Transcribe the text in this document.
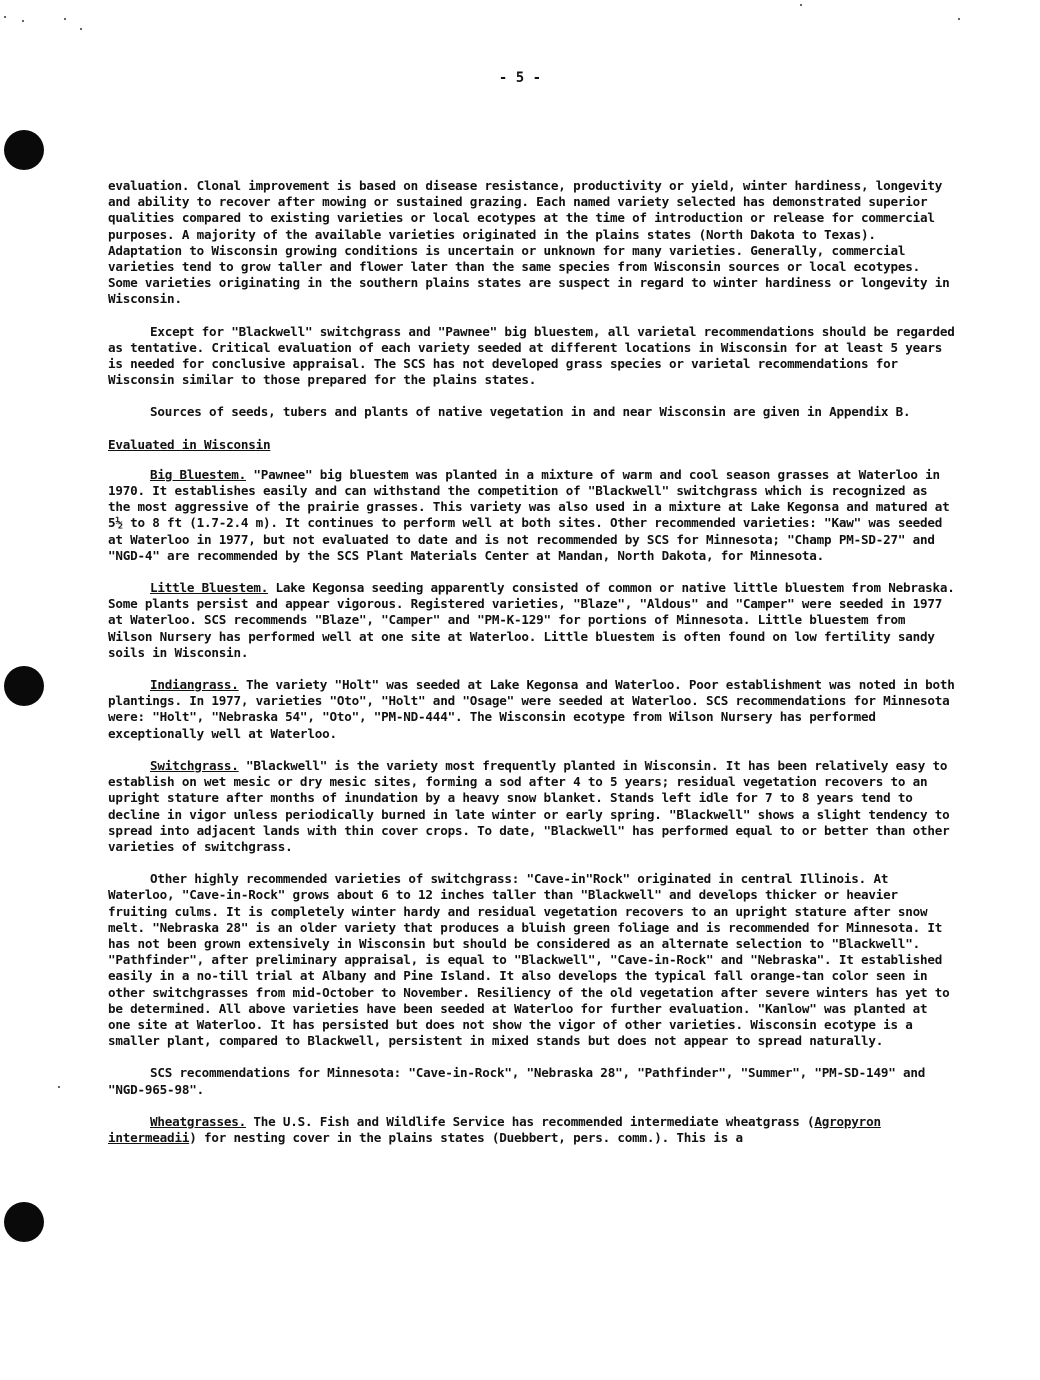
- 5 -

evaluation. Clonal improvement is based on disease resistance, productivity or yield, winter hardiness, longevity and ability to recover after mowing or sustained grazing. Each named variety selected has demonstrated superior qualities compared to existing varieties or local ecotypes at the time of introduction or release for commercial purposes. A majority of the available varieties originated in the plains states (North Dakota to Texas). Adaptation to Wisconsin growing conditions is uncertain or unknown for many varieties. Generally, commercial varieties tend to grow taller and flower later than the same species from Wisconsin sources or local ecotypes. Some varieties originating in the southern plains states are suspect in regard to winter hardiness or longevity in Wisconsin.

Except for "Blackwell" switchgrass and "Pawnee" big bluestem, all varietal recommendations should be regarded as tentative. Critical evaluation of each variety seeded at different locations in Wisconsin for at least 5 years is needed for conclusive appraisal. The SCS has not developed grass species or varietal recommendations for Wisconsin similar to those prepared for the plains states.

Sources of seeds, tubers and plants of native vegetation in and near Wisconsin are given in Appendix B.

Evaluated in Wisconsin

Big Bluestem. "Pawnee" big bluestem was planted in a mixture of warm and cool season grasses at Waterloo in 1970. It establishes easily and can withstand the competition of "Blackwell" switchgrass which is recognized as the most aggressive of the prairie grasses. This variety was also used in a mixture at Lake Kegonsa and matured at 5½ to 8 ft (1.7-2.4 m). It continues to perform well at both sites. Other recommended varieties: "Kaw" was seeded at Waterloo in 1977, but not evaluated to date and is not recommended by SCS for Minnesota; "Champ PM-SD-27" and "NGD-4" are recommended by the SCS Plant Materials Center at Mandan, North Dakota, for Minnesota.

Little Bluestem. Lake Kegonsa seeding apparently consisted of common or native little bluestem from Nebraska. Some plants persist and appear vigorous. Registered varieties, "Blaze", "Aldous" and "Camper" were seeded in 1977 at Waterloo. SCS recommends "Blaze", "Camper" and "PM-K-129" for portions of Minnesota. Little bluestem from Wilson Nursery has performed well at one site at Waterloo. Little bluestem is often found on low fertility sandy soils in Wisconsin.

Indiangrass. The variety "Holt" was seeded at Lake Kegonsa and Waterloo. Poor establishment was noted in both plantings. In 1977, varieties "Oto", "Holt" and "Osage" were seeded at Waterloo. SCS recommendations for Minnesota were: "Holt", "Nebraska 54", "Oto", "PM-ND-444". The Wisconsin ecotype from Wilson Nursery has performed exceptionally well at Waterloo.

Switchgrass. "Blackwell" is the variety most frequently planted in Wisconsin. It has been relatively easy to establish on wet mesic or dry mesic sites, forming a sod after 4 to 5 years; residual vegetation recovers to an upright stature after months of inundation by a heavy snow blanket. Stands left idle for 7 to 8 years tend to decline in vigor unless periodically burned in late winter or early spring. "Blackwell" shows a slight tendency to spread into adjacent lands with thin cover crops. To date, "Blackwell" has performed equal to or better than other varieties of switchgrass.

Other highly recommended varieties of switchgrass: "Cave-in"Rock" originated in central Illinois. At Waterloo, "Cave-in-Rock" grows about 6 to 12 inches taller than "Blackwell" and develops thicker or heavier fruiting culms. It is completely winter hardy and residual vegetation recovers to an upright stature after snow melt. "Nebraska 28" is an older variety that produces a bluish green foliage and is recommended for Minnesota. It has not been grown extensively in Wisconsin but should be considered as an alternate selection to "Blackwell". "Pathfinder", after preliminary appraisal, is equal to "Blackwell", "Cave-in-Rock" and "Nebraska". It established easily in a no-till trial at Albany and Pine Island. It also develops the typical fall orange-tan color seen in other switchgrasses from mid-October to November. Resiliency of the old vegetation after severe winters has yet to be determined. All above varieties have been seeded at Waterloo for further evaluation. "Kanlow" was planted at one site at Waterloo. It has persisted but does not show the vigor of other varieties. Wisconsin ecotype is a smaller plant, compared to Blackwell, persistent in mixed stands but does not appear to spread naturally.

SCS recommendations for Minnesota: "Cave-in-Rock", "Nebraska 28", "Pathfinder", "Summer", "PM-SD-149" and "NGD-965-98".

Wheatgrasses. The U.S. Fish and Wildlife Service has recommended intermediate wheatgrass (Agropyron intermeadii) for nesting cover in the plains states (Duebbert, pers. comm.). This is a
